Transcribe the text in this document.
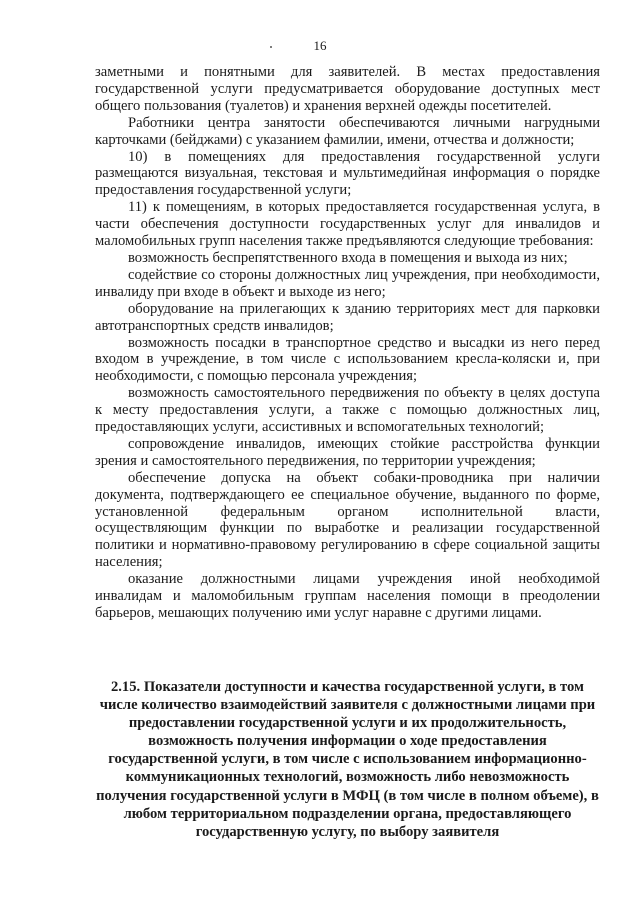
16

заметными и понятными для заявителей. В местах предоставления государственной услуги предусматривается оборудование доступных мест общего пользования (туалетов) и хранения верхней одежды посетителей.

Работники центра занятости обеспечиваются личными нагрудными карточками (бейджами) с указанием фамилии, имени, отчества и должности;

10) в помещениях для предоставления государственной услуги размещаются визуальная, текстовая и мультимедийная информация о порядке предоставления государственной услуги;

11) к помещениям, в которых предоставляется государственная услуга, в части обеспечения доступности государственных услуг для инвалидов и маломобильных групп населения также предъявляются следующие требования:

возможность беспрепятственного входа в помещения и выхода из них;

содействие со стороны должностных лиц учреждения, при необходимости, инвалиду при входе в объект и выходе из него;

оборудование на прилегающих к зданию территориях мест для парковки автотранспортных средств инвалидов;

возможность посадки в транспортное средство и высадки из него перед входом в учреждение, в том числе с использованием кресла-коляски и, при необходимости, с помощью персонала учреждения;

возможность самостоятельного передвижения по объекту в целях доступа к месту предоставления услуги, а также с помощью должностных лиц, предоставляющих услуги, ассистивных и вспомогательных технологий;

сопровождение инвалидов, имеющих стойкие расстройства функции зрения и самостоятельного передвижения, по территории учреждения;

обеспечение допуска на объект собаки-проводника при наличии документа, подтверждающего ее специальное обучение, выданного по форме, установленной федеральным органом исполнительной власти, осуществляющим функции по выработке и реализации государственной политики и нормативно-правовому регулированию в сфере социальной защиты населения;

оказание должностными лицами учреждения иной необходимой инвалидам и маломобильным группам населения помощи в преодолении барьеров, мешающих получению ими услуг наравне с другими лицами.

2.15. Показатели доступности и качества государственной услуги, в том числе количество взаимодействий заявителя с должностными лицами при предоставлении государственной услуги и их продолжительность, возможность получения информации о ходе предоставления государственной услуги, в том числе с использованием информационно-коммуникационных технологий, возможность либо невозможность получения государственной услуги в МФЦ (в том числе в полном объеме), в любом территориальном подразделении органа, предоставляющего государственную услугу, по выбору заявителя
